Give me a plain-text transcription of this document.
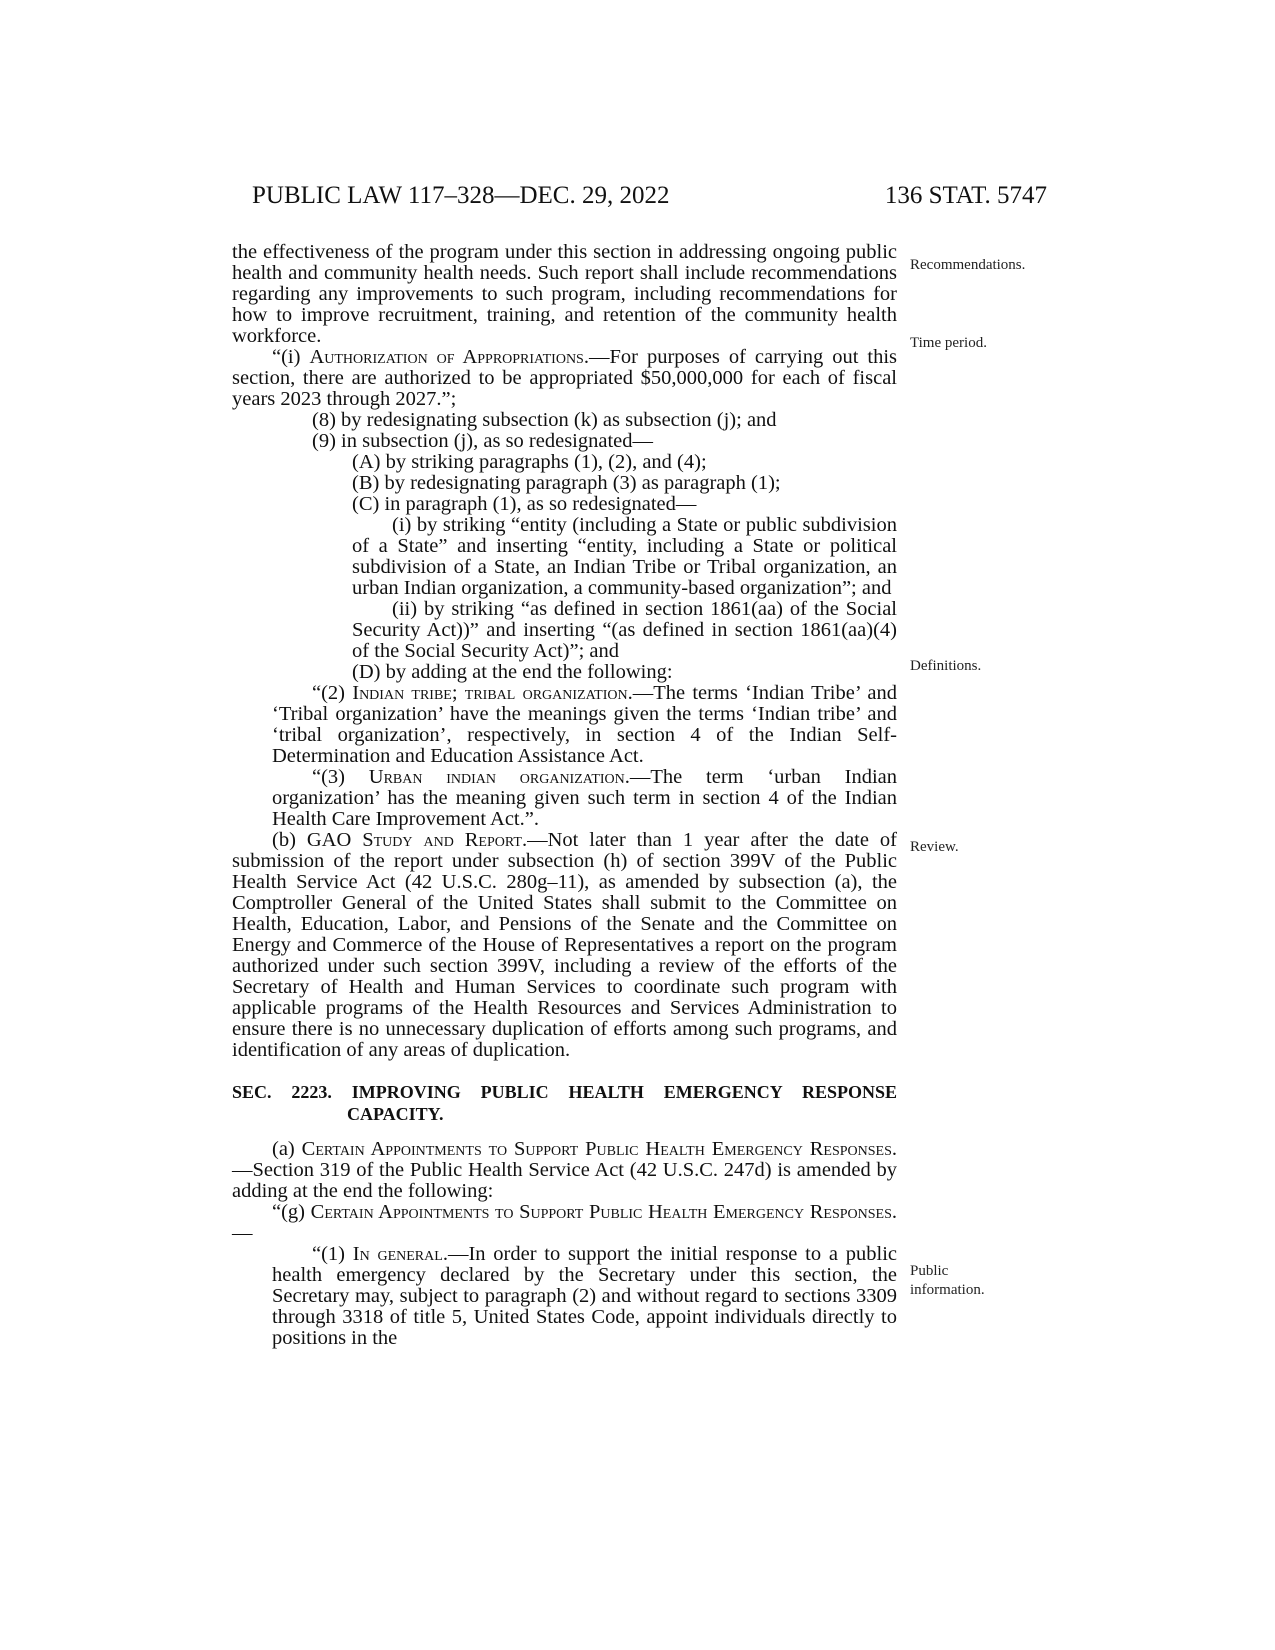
PUBLIC LAW 117–328—DEC. 29, 2022	136 STAT. 5747

the effectiveness of the program under this section in addressing ongoing public health and community health needs. Such report shall include recommendations regarding any improvements to such program, including recommendations for how to improve recruitment, training, and retention of the community health workforce.

“(i) Authorization of Appropriations.—For purposes of carrying out this section, there are authorized to be appropriated $50,000,000 for each of fiscal years 2023 through 2027.”;

(8) by redesignating subsection (k) as subsection (j); and

(9) in subsection (j), as so redesignated—

(A) by striking paragraphs (1), (2), and (4);

(B) by redesignating paragraph (3) as paragraph (1);

(C) in paragraph (1), as so redesignated—

(i) by striking “entity (including a State or public subdivision of a State” and inserting “entity, including a State or political subdivision of a State, an Indian Tribe or Tribal organization, an urban Indian organization, a community-based organization”; and

(ii) by striking “as defined in section 1861(aa) of the Social Security Act))” and inserting “(as defined in section 1861(aa)(4) of the Social Security Act)”; and

(D) by adding at the end the following:

“(2) Indian tribe; tribal organization.—The terms ‘Indian Tribe’ and ‘Tribal organization’ have the meanings given the terms ‘Indian tribe’ and ‘tribal organization’, respectively, in section 4 of the Indian Self-Determination and Education Assistance Act.

“(3) Urban indian organization.—The term ‘urban Indian organization’ has the meaning given such term in section 4 of the Indian Health Care Improvement Act.”.

(b) GAO Study and Report.—Not later than 1 year after the date of submission of the report under subsection (h) of section 399V of the Public Health Service Act (42 U.S.C. 280g–11), as amended by subsection (a), the Comptroller General of the United States shall submit to the Committee on Health, Education, Labor, and Pensions of the Senate and the Committee on Energy and Commerce of the House of Representatives a report on the program authorized under such section 399V, including a review of the efforts of the Secretary of Health and Human Services to coordinate such program with applicable programs of the Health Resources and Services Administration to ensure there is no unnecessary duplication of efforts among such programs, and identification of any areas of duplication.

SEC. 2223. IMPROVING PUBLIC HEALTH EMERGENCY RESPONSE CAPACITY.

(a) Certain Appointments to Support Public Health Emergency Responses.—Section 319 of the Public Health Service Act (42 U.S.C. 247d) is amended by adding at the end the following:

“(g) Certain Appointments to Support Public Health Emergency Responses.—

“(1) In general.—In order to support the initial response to a public health emergency declared by the Secretary under this section, the Secretary may, subject to paragraph (2) and without regard to sections 3309 through 3318 of title 5, United States Code, appoint individuals directly to positions in the

Recommendations.
Time period.
Definitions.
Review.
Public information.
